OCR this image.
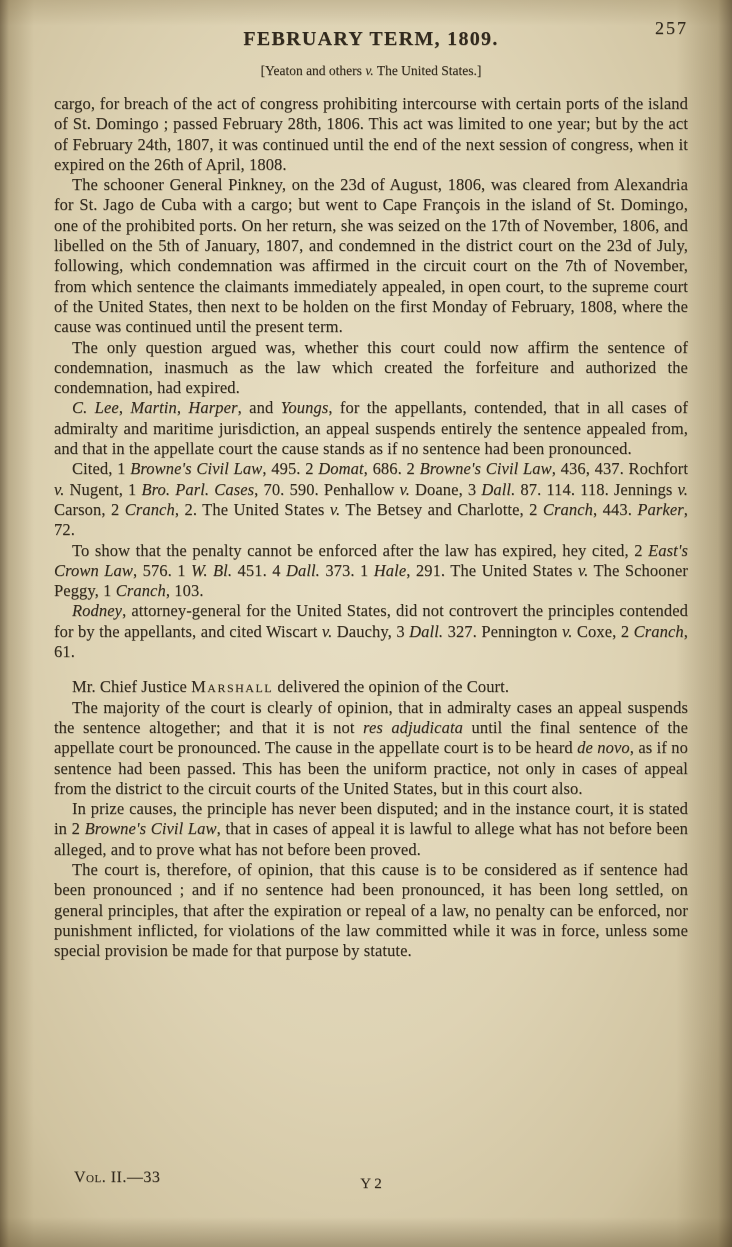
FEBRUARY TERM, 1809.	257
[Yeaton and others v. The United States.]

cargo, for breach of the act of congress prohibiting intercourse with certain ports of the island of St. Domingo ; passed February 28th, 1806. This act was limited to one year; but by the act of February 24th, 1807, it was continued until the end of the next session of congress, when it expired on the 26th of April, 1808.

The schooner General Pinkney, on the 23d of August, 1806, was cleared from Alexandria for St. Jago de Cuba with a cargo; but went to Cape François in the island of St. Domingo, one of the prohibited ports. On her return, she was seized on the 17th of November, 1806, and libelled on the 5th of January, 1807, and condemned in the district court on the 23d of July, following, which condemnation was affirmed in the circuit court on the 7th of November, from which sentence the claimants immediately appealed, in open court, to the supreme court of the United States, then next to be holden on the first Monday of February, 1808, where the cause was continued until the present term.

The only question argued was, whether this court could now affirm the sentence of condemnation, inasmuch as the law which created the forfeiture and authorized the condemnation, had expired.

C. Lee, Martin, Harper, and Youngs, for the appellants, contended, that in all cases of admiralty and maritime jurisdiction, an appeal suspends entirely the sentence appealed from, and that in the appellate court the cause stands as if no sentence had been pronounced.

Cited, 1 Browne's Civil Law, 495. 2 Domat, 686. 2 Browne's Civil Law, 436, 437. Rochfort v. Nugent, 1 Bro. Parl. Cases, 70. 590. Penhallow v. Doane, 3 Dall. 87. 114. 118. Jennings v. Carson, 2 Cranch, 2. The United States v. The Betsey and Charlotte, 2 Cranch, 443. Parker, 72.

To show that the penalty cannot be enforced after the law has expired, hey cited, 2 East's Crown Law, 576. 1 W. Bl. 451. 4 Dall. 373. 1 Hale, 291. The United States v. The Schooner Peggy, 1 Cranch, 103.

Rodney, attorney-general for the United States, did not controvert the principles contended for by the appellants, and cited Wiscart v. Dauchy, 3 Dall. 327. Pennington v. Coxe, 2 Cranch, 61.

Mr. Chief Justice Marshall delivered the opinion of the Court.

The majority of the court is clearly of opinion, that in admiralty cases an appeal suspends the sentence altogether; and that it is not res adjudicata until the final sentence of the appellate court be pronounced. The cause in the appellate court is to be heard de novo, as if no sentence had been passed. This has been the uniform practice, not only in cases of appeal from the district to the circuit courts of the United States, but in this court also.

In prize causes, the principle has never been disputed; and in the instance court, it is stated in 2 Browne's Civil Law, that in cases of appeal it is lawful to allege what has not before been alleged, and to prove what has not before been proved.

The court is, therefore, of opinion, that this cause is to be considered as if sentence had been pronounced ; and if no sentence had been pronounced, it has been long settled, on general principles, that after the expiration or repeal of a law, no penalty can be enforced, nor punishment inflicted, for violations of the law committed while it was in force, unless some special provision be made for that purpose by statute.

Vol. II.—33	Y 2
